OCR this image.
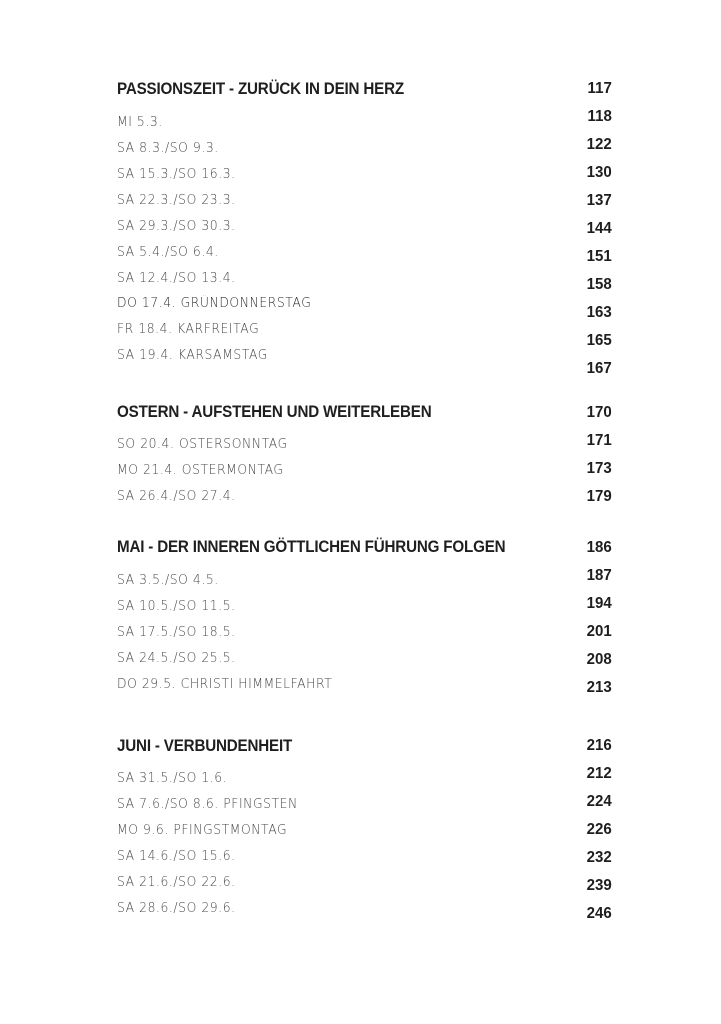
PASSIONSZEIT - ZURÜCK IN DEIN HERZ
MI 5.3.
SA 8.3./SO 9.3.
SA 15.3./SO 16.3.
SA 22.3./SO 23.3.
SA 29.3./SO 30.3.
SA 5.4./SO 6.4.
SA 12.4./SO 13.4.
DO 17.4. GRÜNDONNERSTAG
FR 18.4. KARFREITAG
SA 19.4. KARSAMSTAG
OSTERN - AUFSTEHEN UND WEITERLEBEN
SO 20.4. OSTERSONNTAG
MO 21.4. OSTERMONTAG
SA 26.4./SO 27.4.
MAI - DER INNEREN GÖTTLICHEN FÜHRUNG FOLGEN
SA 3.5./SO 4.5.
SA 10.5./SO 11.5.
SA 17.5./SO 18.5.
SA 24.5./SO 25.5.
DO 29.5. CHRISTI HIMMELFAHRT
JUNI - VERBUNDENHEIT
SA 31.5./SO 1.6.
SA 7.6./SO 8.6. PFINGSTEN
MO 9.6. PFINGSTMONTAG
SA 14.6./SO 15.6.
SA 21.6./SO 22.6.
SA 28.6./SO 29.6.
117
118
122
130
137
144
151
158
163
165
167
170
171
173
179
186
187
194
201
208
213
216
212
224
226
232
239
246
